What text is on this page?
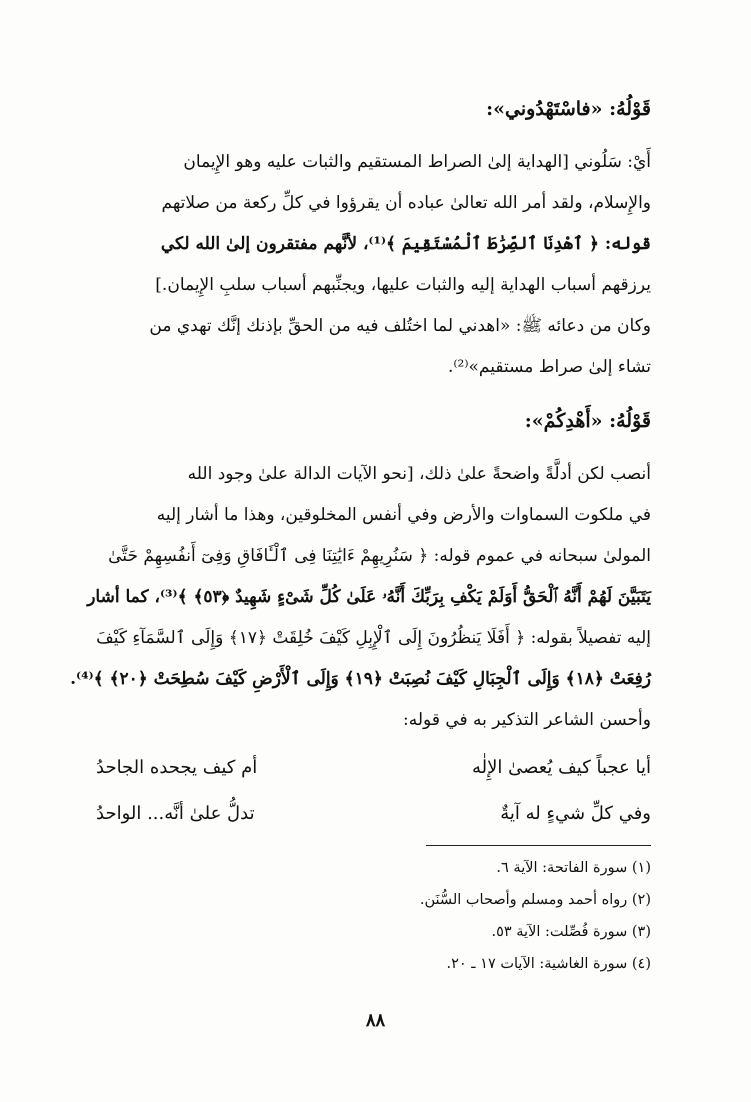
قَوْلُهُ: «فاسْتَهْدُوني»:
أَيْ: سَلُوني [الهداية إلىٰ الصراط المستقيم والثبات عليه وهو الإِيمان
والإِسلام، ولقد أمر الله تعالىٰ عباده أن يقرؤوا في كلِّ ركعة من صلاتهم
قوله: ﴿ ٱهْدِنَا ٱلصِّرَٰطَ ٱلْمُسْتَقِيمَ ﴾⁽¹⁾، لأنَّهم مفتقرون إلىٰ الله لكي
يرزقهم أسباب الهداية إليه والثبات عليها، ويجنِّبهم أسباب سلبِ الإِيمان.]
وكان من دعائه ﷺ: «اهدني لما اختُلف فيه من الحقِّ بإذنك إنَّك تهدي من
تشاء إلىٰ صراط مستقيم»⁽²⁾.
قَوْلُهُ: «أَهْدِكُمْ»:
أنصب لكن أدلَّةً واضحةً علىٰ ذلك، [نحو الآيات الدالة علىٰ وجود الله
في ملكوت السماوات والأرض وفي أنفس المخلوقين، وهذا ما أشار إليه
المولىٰ سبحانه في عموم قوله: ﴿ سَنُرِيهِمْ ءَايَٰتِنَا فِى ٱلْـَٔافَاقِ وَفِىٓ أَنفُسِهِمْ حَتَّىٰ
يَتَبَيَّنَ لَهُمْ أَنَّهُ ٱلْحَقُّ أَوَلَمْ يَكْفِ بِرَبِّكَ أَنَّهُۥ عَلَىٰ كُلِّ شَىْءٍ شَهِيدٌ ﴿٥٣﴾ ﴾⁽³⁾، كما أشار
إليه تفصيلاً بقوله: ﴿ أَفَلَا يَنظُرُونَ إِلَى ٱلْإِبِلِ كَيْفَ خُلِقَتْ ﴿١٧﴾ وَإِلَى ٱلسَّمَآءِ كَيْفَ
رُفِعَتْ ﴿١٨﴾ وَإِلَى ٱلْجِبَالِ كَيْفَ نُصِبَتْ ﴿١٩﴾ وَإِلَى ٱلْأَرْضِ كَيْفَ سُطِحَتْ ﴿٢٠﴾ ﴾⁽⁴⁾.
وأحسن الشاعر التذكير به في قوله:
أيا عجباً كيف يُعصىٰ الإِلٰه
أم كيف يجحده الجاحدُ
وفي كلِّ شيءٍ له آيةٌ
تدلُّ علىٰ أنَّه... الواحدُ
(١) سورة الفاتحة: الآية ٦.
(٢) رواه أحمد ومسلم وأصحاب السُّنَن.
(٣) سورة فُصِّلت: الآية ٥٣.
(٤) سورة الغاشية: الآيات ١٧ ـ ٢٠.
٨٨
